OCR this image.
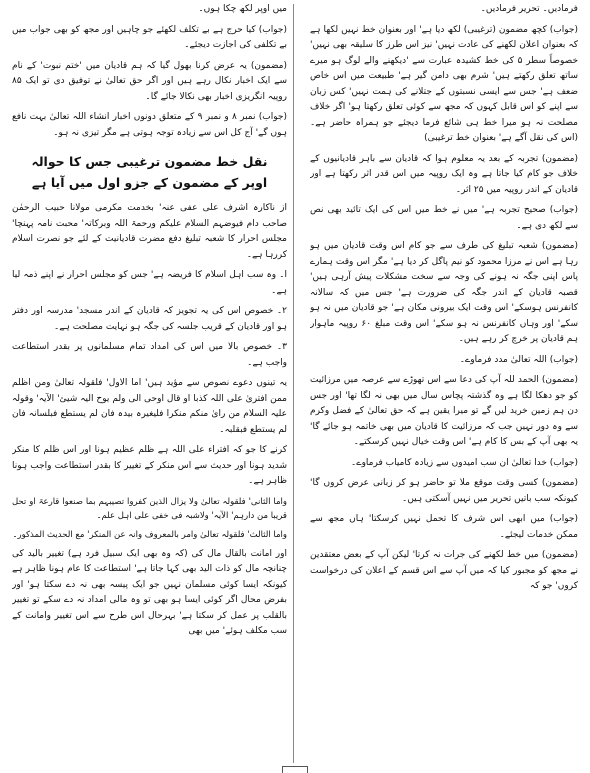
فرمادیں۔ تحریر فرمادیں۔

(جواب) کچھ مضمون (ترغیبی) لکھ دیا ہے' اور بعنوان خط نہیں لکھا ہے کہ بعنوان اعلان لکھنے کی عادت نہیں' نیز اس طرز کا سلیقہ بھی نہیں' خصوصاً سطر ۵ کی خط کشیدہ عبارت سے 'دیکھنے والے لوگ ہو میرے ساتھ تعلق رکھتے ہیں' شرم بھی دامن گیر ہے' طبیعت میں اس خاص ضعف ہے' جس سے ایسی نسبتوں کے جتلانے کی ہمت نہیں' کس زبان سے اپنے کو اس قابل کہوں کہ مجھ سے کوئی تعلق رکھتا ہو' اگر خلاف مصلحت نہ ہو میرا خط ہی شائع فرما دیجئے جو ہمراہ حاضر ہے۔ (اس کی نقل آگے ہے' بعنوان خط ترغیبی)

(مضمون) تجربہ کے بعد یہ معلوم ہوا کہ قادیان سے باہر قادیانیوں کے خلاف جو کام کیا جاتا ہے وہ ایک روپیہ میں اس قدر اثر رکھتا ہے اور قادیان کے اندر روپیہ میں ۲۵ اثر۔

(جواب) صحیح تجربہ ہے' میں نے خط میں اس کی ایک تائید بھی نص سے لکھ دی ہے۔

(مضمون) شعبہ تبلیغ کی طرف سے جو کام اس وقت قادیان میں ہو رہا ہے اس نے مرزا محمود کو نیم پاگل کر دیا ہے' مگر اس وقت ہمارے پاس اپنی جگہ نہ ہونے کی وجہ سے سخت مشکلات پیش آرہی ہیں' قصبہ قادیان کے اندر جگہ کی ضرورت ہے' جس میں کہ سالانہ کانفرنس ہوسکے' اس وقت ایک بیرونی مکان ہے' جو قادیان میں نہ ہو سکے' اور وہاں کانفرنس نہ ہو سکے' اس وقت مبلغ ۶۰ روپیہ ماہوار ہم قادیان پر خرچ کر رہے ہیں۔

(جواب) اللہ تعالیٰ مدد فرماوے۔

(مضمون) الحمد للہ آپ کی دعا سے اس تھوڑے سے عرصہ میں مرزائیت کو جو دھکا لگا ہے وہ گذشتہ پچاس سال میں بھی نہ لگا تھا' اور جس دن ہم زمین خرید لیں گے تو میرا یقین ہے کہ حق تعالیٰ کے فضل وکرم سے وہ دور نہیں جب کہ مرزائیت کا قادیان میں بھی خاتمہ ہو جائے گا' یہ بھی آپ کے بس کا کام ہے' اس وقت خیال نہیں کرسکتے۔

(جواب) خدا تعالیٰ ان سب امیدوں سے زیادہ کامیاب فرماوے۔

(مضمون) کسی وقت موقع ملا تو حاضر ہو کر زبانی عرض کروں گا' کیونکہ سب باتیں تحریر میں نہیں آسکتی ہیں۔

(جواب) میں ابھی اس شرف کا تحمل نہیں کرسکتا' ہاں مجھ سے ممکن خدمات لیجئے۔

(مضمون) میں خط لکھنے کی جرات نہ کرتا' لیکن آپ کے بعض معتقدین نے مجھ کو مجبور کیا کہ میں آپ سے اس قسم کے اعلان کی درخواست کروں' جو کہ

میں اوپر لکھ چکا ہوں۔

(جواب) کیا حرج ہے بے تکلف لکھئے جو چاہیں اور مجھ کو بھی جواب میں بے تکلفی کی اجازت دیجئے۔

(مضمون) یہ عرض کرنا بھول گیا کہ ہم قادیان میں 'ختم نبوت' کے نام سے ایک اخبار نکال رہے ہیں اور اگر حق تعالیٰ نے توفیق دی تو ایک ۸۵ روپیہ انگریزی اخبار بھی نکالا جائے گا۔

(جواب) نمبر ۸ و نمبر ۹ کے متعلق دونوں اخبار انشاء اللہ تعالیٰ بہت نافع ہوں گے' آج کل اس سے زیادہ توجہ ہوتی ہے مگر تیزی نہ ہو۔

نقل خط مضمون ترغیبی جس کا حوالہ
اوپر کے مضمون کے جزو اول میں آیا ہے

از ناکارہ اشرف علی عفی عنہ' بخدمت مکرمی مولانا حبیب الرحمٰن صاحب دام فیوضہم السلام علیکم ورحمۃ اللہ وبرکاتہ' محبت نامہ پہنچا' مجلس احرار کا شعبہ تبلیغ دفع مضرت قادیانیت کے لئے جو نصرت اسلام کررہا ہے۔

ا۔ وہ سب اہل اسلام کا فریضہ ہے' جس کو مجلس احرار نے اپنے ذمہ لیا ہے۔

۲۔ خصوص اس کی یہ تجویز کہ قادیان کے اندر مسجد' مدرسہ اور دفتر ہو اور قادیان کے قریب جلسہ کی جگہ ہو نہایت مصلحت ہے۔

۳۔ خصوص بالا میں اس کی امداد تمام مسلمانوں پر بقدر استطاعت واجب ہے۔

یہ تینوں دعوے نصوص سے مؤید ہیں' اما الاول' فلقولہ تعالیٰ ومن اظلم ممن افتریٰ علی اللہ کذبا او قال اوحی الی ولم یوح الیہ شیئ' الآیہ' وقولہ علیہ السلام من رایٰ منکم منکرا فلیغیرہ بیدہ فان لم یستطع فبلسانہ فان لم یستطع فبقلبہ۔

کرنے کا جو کہ افتراء علی اللہ ہے ظلم عظیم ہونا اور اس ظلم کا منکر شدید ہونا اور حدیث سے اس منکر کے تغییر کا بقدر استطاعت واجب ہونا ظاہر ہے۔

واما الثانی' فلقولہ تعالیٰ ولا یزال الذین کفروا تصیبہم بما صنعوا قارعۃ او تحل قریبا من دارہم' الآیہ' ولاشبہ فی خفی علی اہل علم۔

واما الثالث' فلقولہ تعالیٰ وامر بالمعروف وانہ عن المنکر' مع الحدیث المذکور۔

اور امانت بالقال مال کی (کہ وہ بھی ایک سبیل فرد ہے) تغییر بالید کی چنانچہ مال کو ذات الید بھی کہا جاتا ہے' استطاعت کا عام ہونا ظاہر ہے کیونکہ ایسا کوئی مسلمان نہیں جو ایک پیسہ بھی نہ دے سکتا ہو' اور بفرض محال اگر کوئی ایسا ہو بھی تو وہ مالی امداد نہ دے سکے تو تغییر بالقلب پر عمل کر سکتا ہے' بہرحال اس طرح سے اس تغییر وامانت کے سب مکلف ہوئے' میں بھی
